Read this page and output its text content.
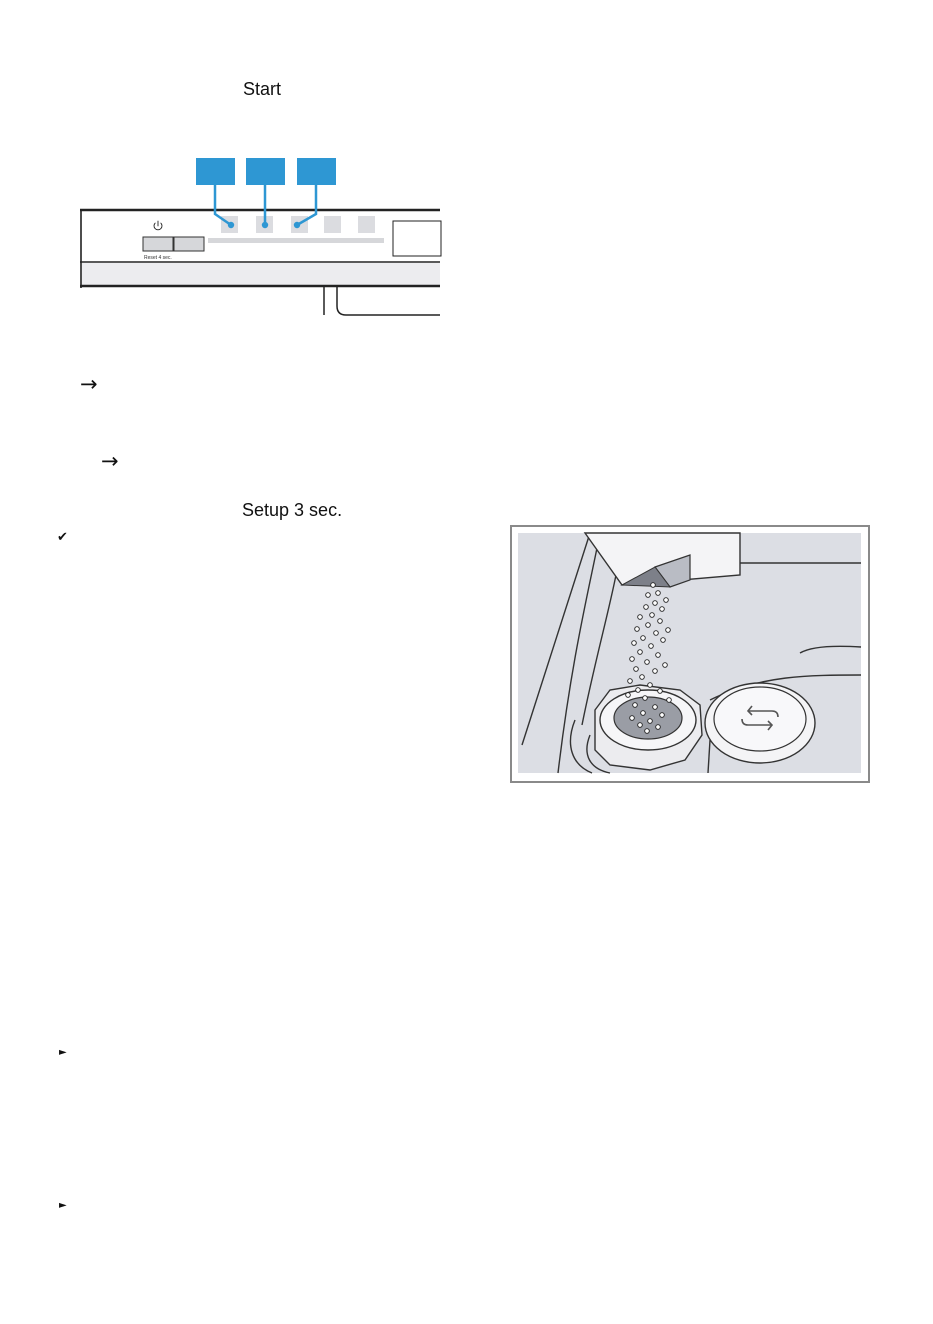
Start
Reset 4 sec.
→
→
Setup 3 sec.
✔
►
►
